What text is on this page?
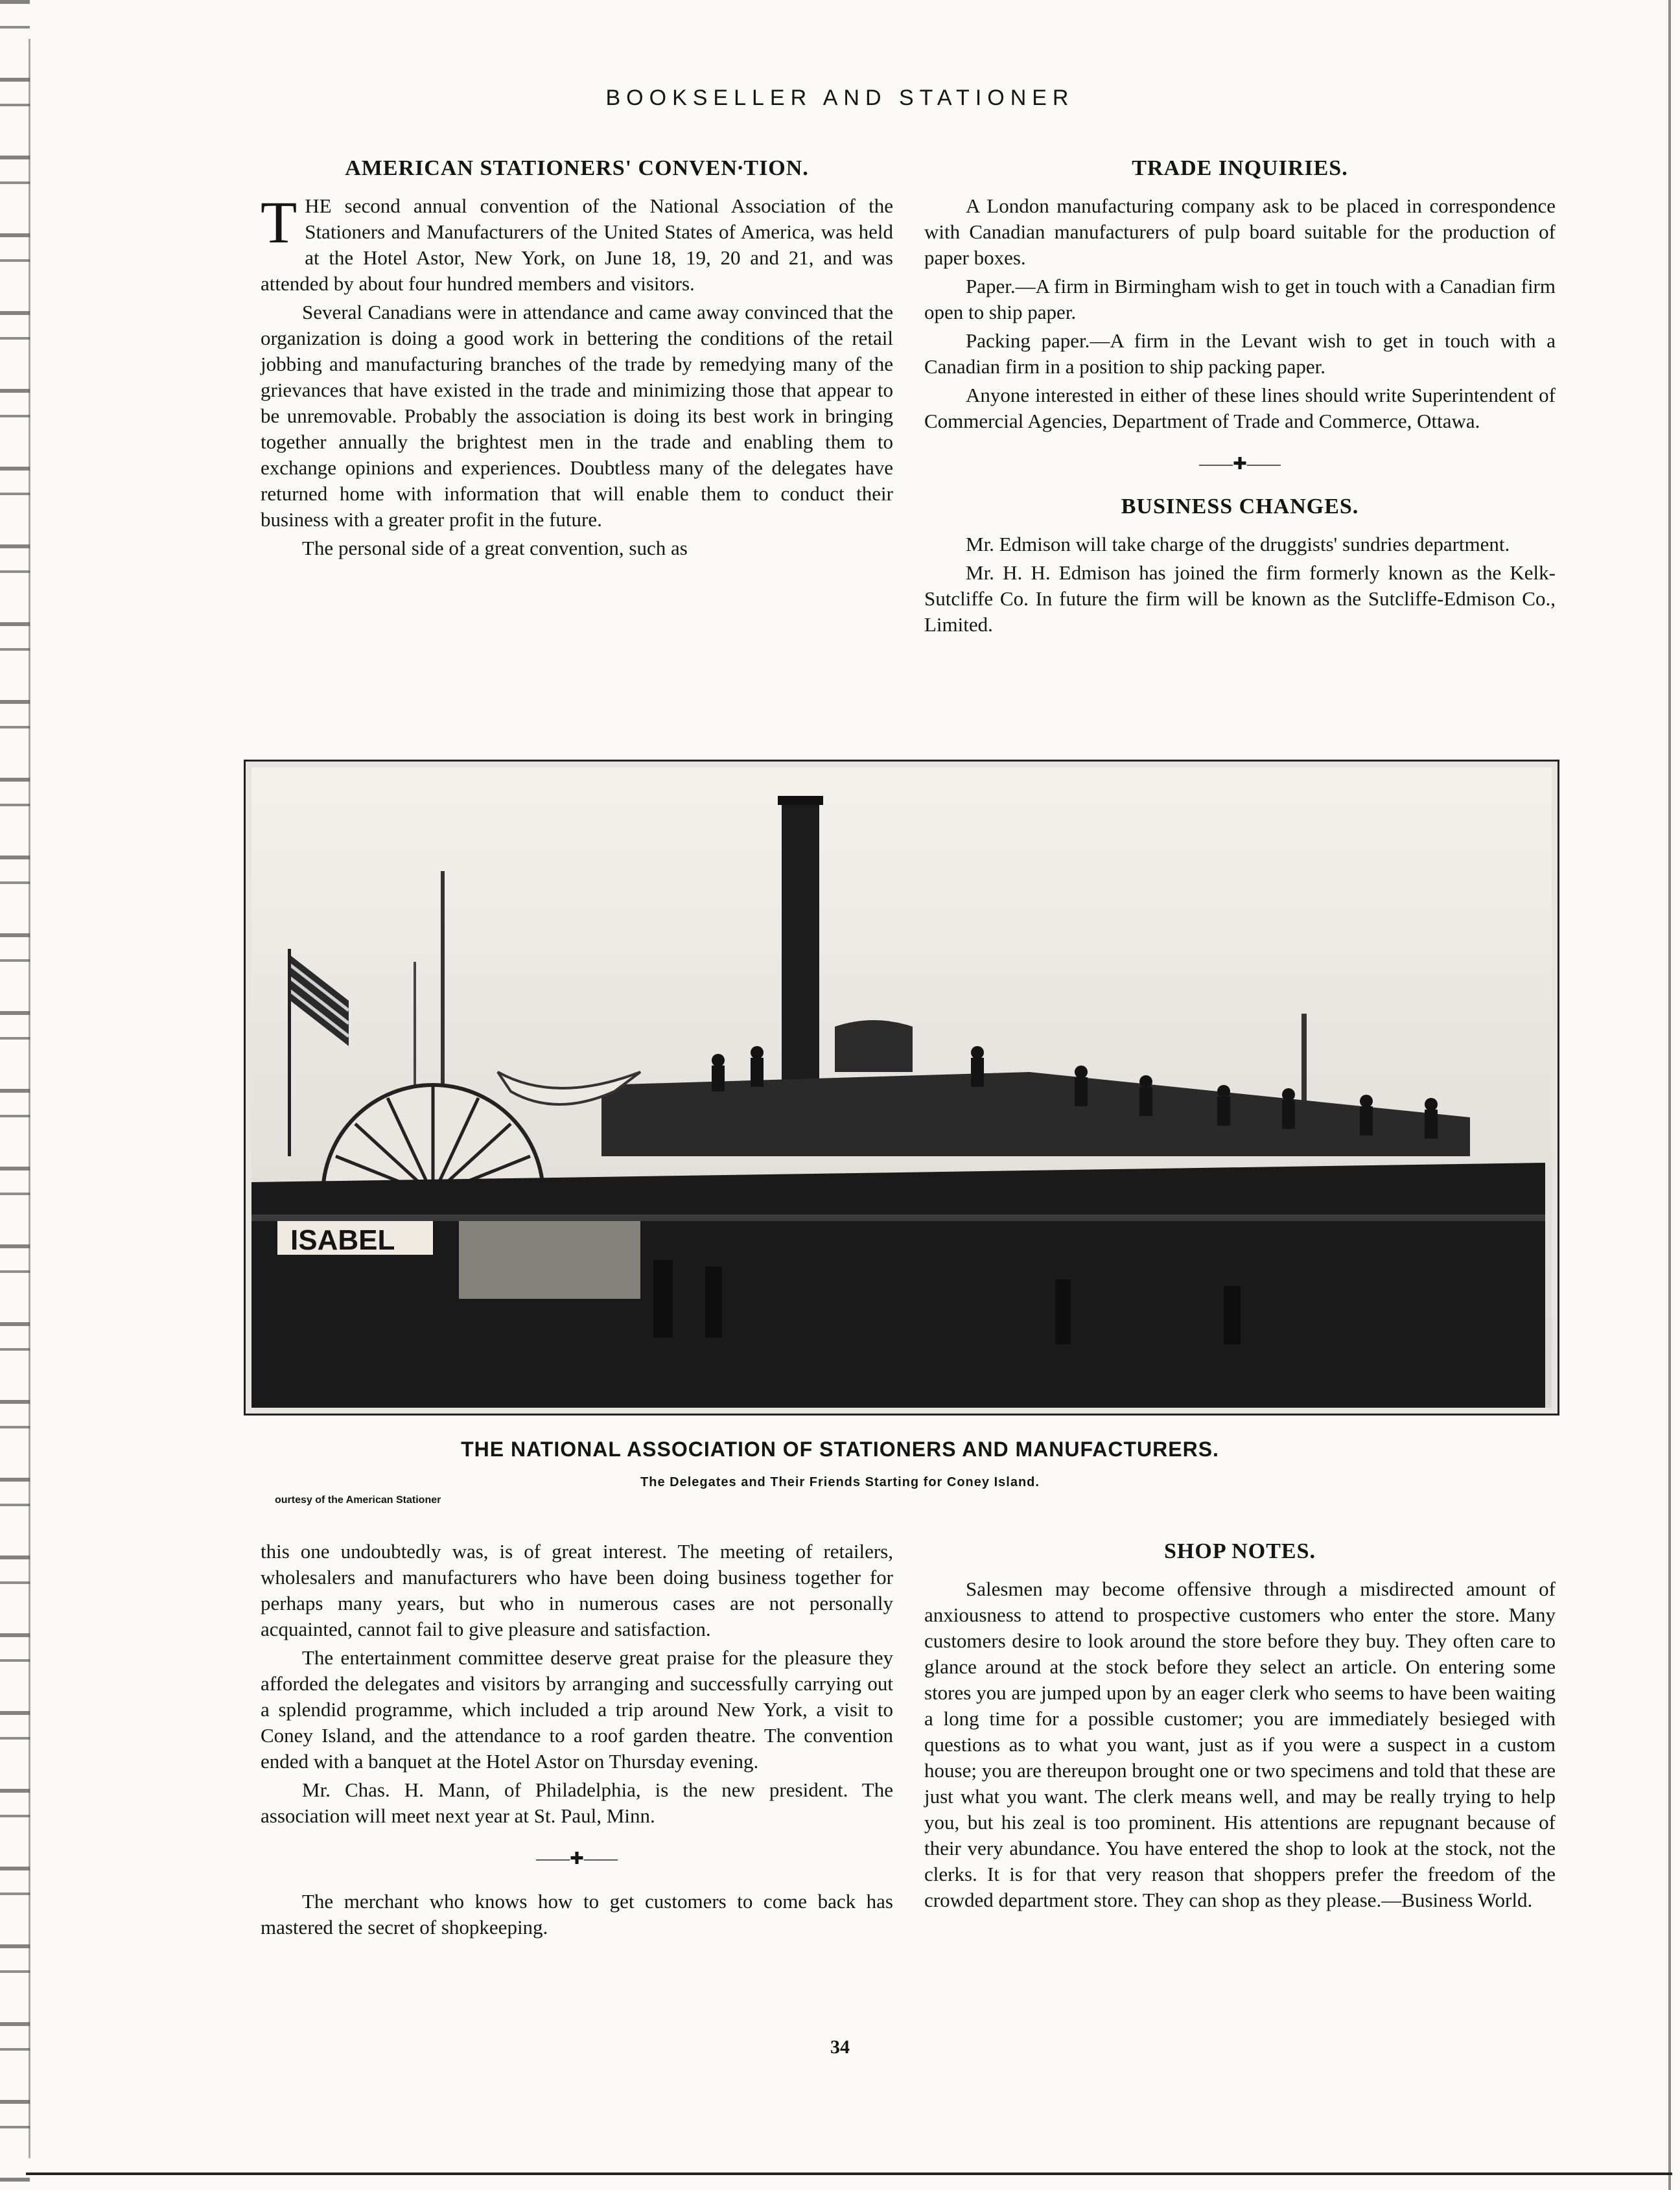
BOOKSELLER AND STATIONER
AMERICAN STATIONERS' CONVEN∙TION.

THE second annual convention of the National Association of the Stationers and Manufacturers of the United States of America, was held at the Hotel Astor, New York, on June 18, 19, 20 and 21, and was attended by about four hundred members and visitors.

Several Canadians were in attendance and came away convinced that the organization is doing a good work in bettering the conditions of the retail jobbing and manufacturing branches of the trade by remedying many of the grievances that have existed in the trade and minimizing those that appear to be unremovable. Probably the association is doing its best work in bringing together annually the brightest men in the trade and enabling them to exchange opinions and experiences. Doubtless many of the delegates have returned home with information that will enable them to conduct their business with a greater profit in the future.

The personal side of a great convention, such as

TRADE INQUIRIES.

A London manufacturing company ask to be placed in correspondence with Canadian manufacturers of pulp board suitable for the production of paper boxes.

Paper.—A firm in Birmingham wish to get in touch with a Canadian firm open to ship paper.

Packing paper.—A firm in the Levant wish to get in touch with a Canadian firm in a position to ship packing paper.

Anyone interested in either of these lines should write Superintendent of Commercial Agencies, Department of Trade and Commerce, Ottawa.

——✚——
BUSINESS CHANGES.

Mr. Edmison will take charge of the druggists' sundries department.

Mr. H. H. Edmison has joined the firm formerly known as the Kelk-Sutcliffe Co. In future the firm will be known as the Sutcliffe-Edmison Co., Limited.

ISABEL
THE NATIONAL ASSOCIATION OF STATIONERS AND MANUFACTURERS.
The Delegates and Their Friends Starting for Coney Island.
ourtesy of the American Stationer

this one undoubtedly was, is of great interest. The meeting of retailers, wholesalers and manufacturers who have been doing business together for perhaps many years, but who in numerous cases are not personally acquainted, cannot fail to give pleasure and satisfaction.

The entertainment committee deserve great praise for the pleasure they afforded the delegates and visitors by arranging and successfully carrying out a splendid programme, which included a trip around New York, a visit to Coney Island, and the attendance to a roof garden theatre. The convention ended with a banquet at the Hotel Astor on Thursday evening.

Mr. Chas. H. Mann, of Philadelphia, is the new president. The association will meet next year at St. Paul, Minn.

——✚——

The merchant who knows how to get customers to come back has mastered the secret of shopkeeping.

SHOP NOTES.

Salesmen may become offensive through a misdirected amount of anxiousness to attend to prospective customers who enter the store. Many customers desire to look around the store before they buy. They often care to glance around at the stock before they select an article. On entering some stores you are jumped upon by an eager clerk who seems to have been waiting a long time for a possible customer; you are immediately besieged with questions as to what you want, just as if you were a suspect in a custom house; you are thereupon brought one or two specimens and told that these are just what you want. The clerk means well, and may be really trying to help you, but his zeal is too prominent. His attentions are repugnant because of their very abundance. You have entered the shop to look at the stock, not the clerks. It is for that very reason that shoppers prefer the freedom of the crowded department store. They can shop as they please.—Business World.

34
